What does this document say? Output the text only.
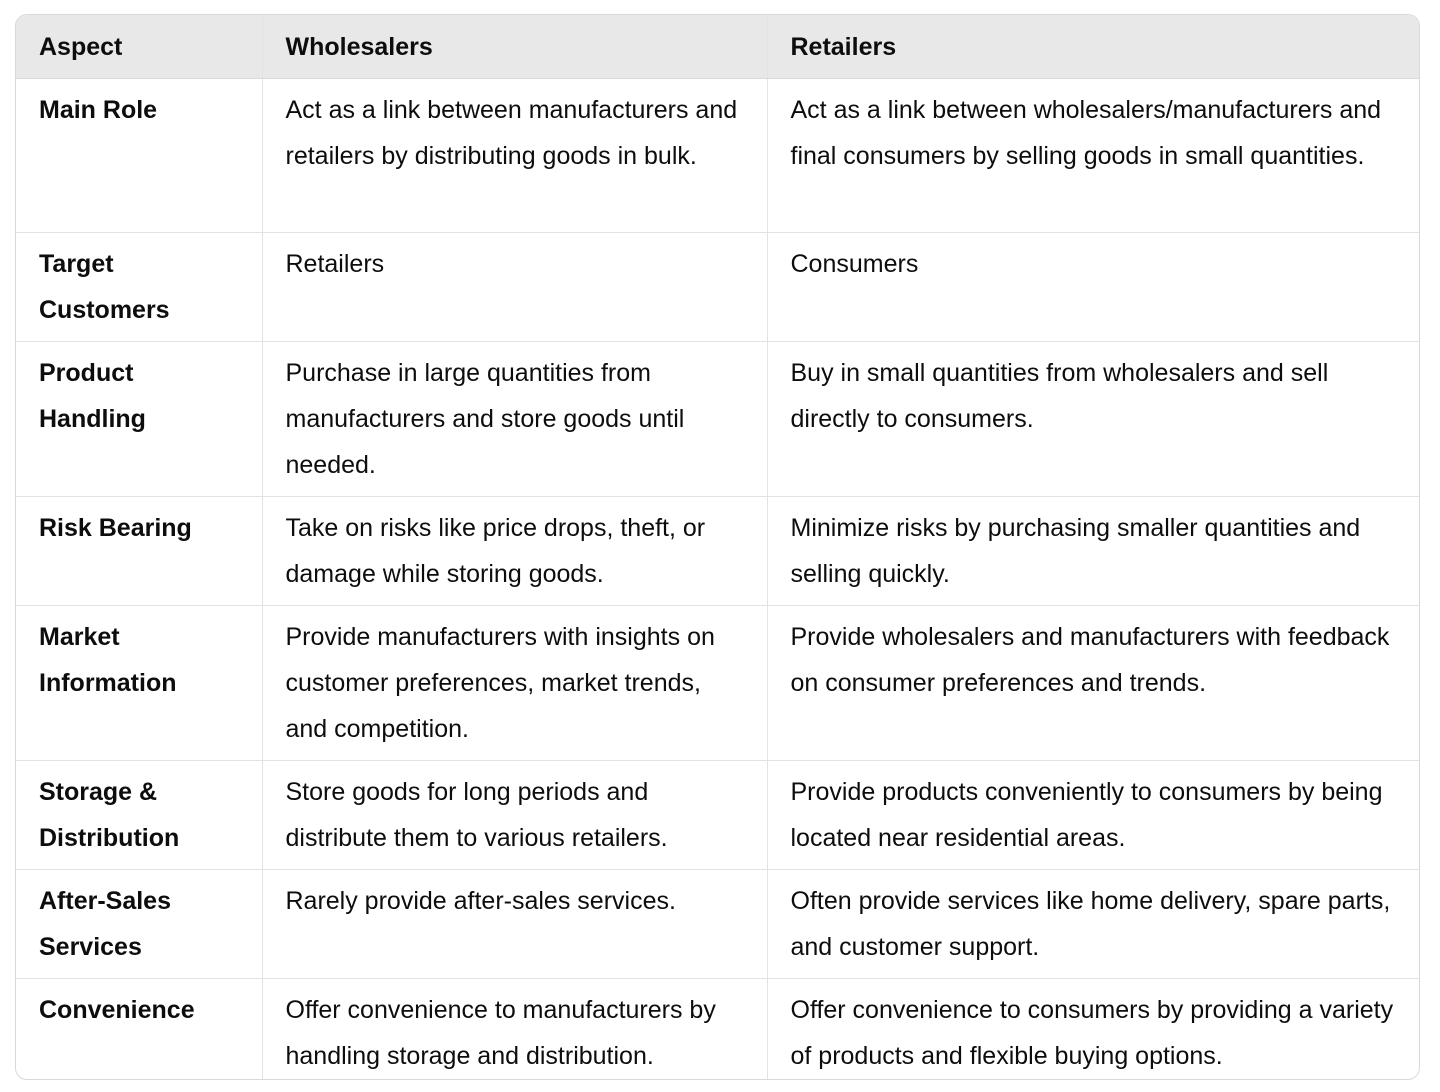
Aspect	Wholesalers	Retailers
Main Role	Act as a link between manufacturers and retailers by distributing goods in bulk.	Act as a link between wholesalers/manufacturers and final consumers by selling goods in small quantities.
Target Customers	Retailers	Consumers
Product Handling	Purchase in large quantities from manufacturers and store goods until needed.	Buy in small quantities from wholesalers and sell directly to consumers.
Risk Bearing	Take on risks like price drops, theft, or damage while storing goods.	Minimize risks by purchasing smaller quantities and selling quickly.
Market Information	Provide manufacturers with insights on customer preferences, market trends, and competition.	Provide wholesalers and manufacturers with feedback on consumer preferences and trends.
Storage & Distribution	Store goods for long periods and distribute them to various retailers.	Provide products conveniently to consumers by being located near residential areas.
After-Sales Services	Rarely provide after-sales services.	Often provide services like home delivery, spare parts, and customer support.
Convenience	Offer convenience to manufacturers by handling storage and distribution.	Offer convenience to consumers by providing a variety of products and flexible buying options.
